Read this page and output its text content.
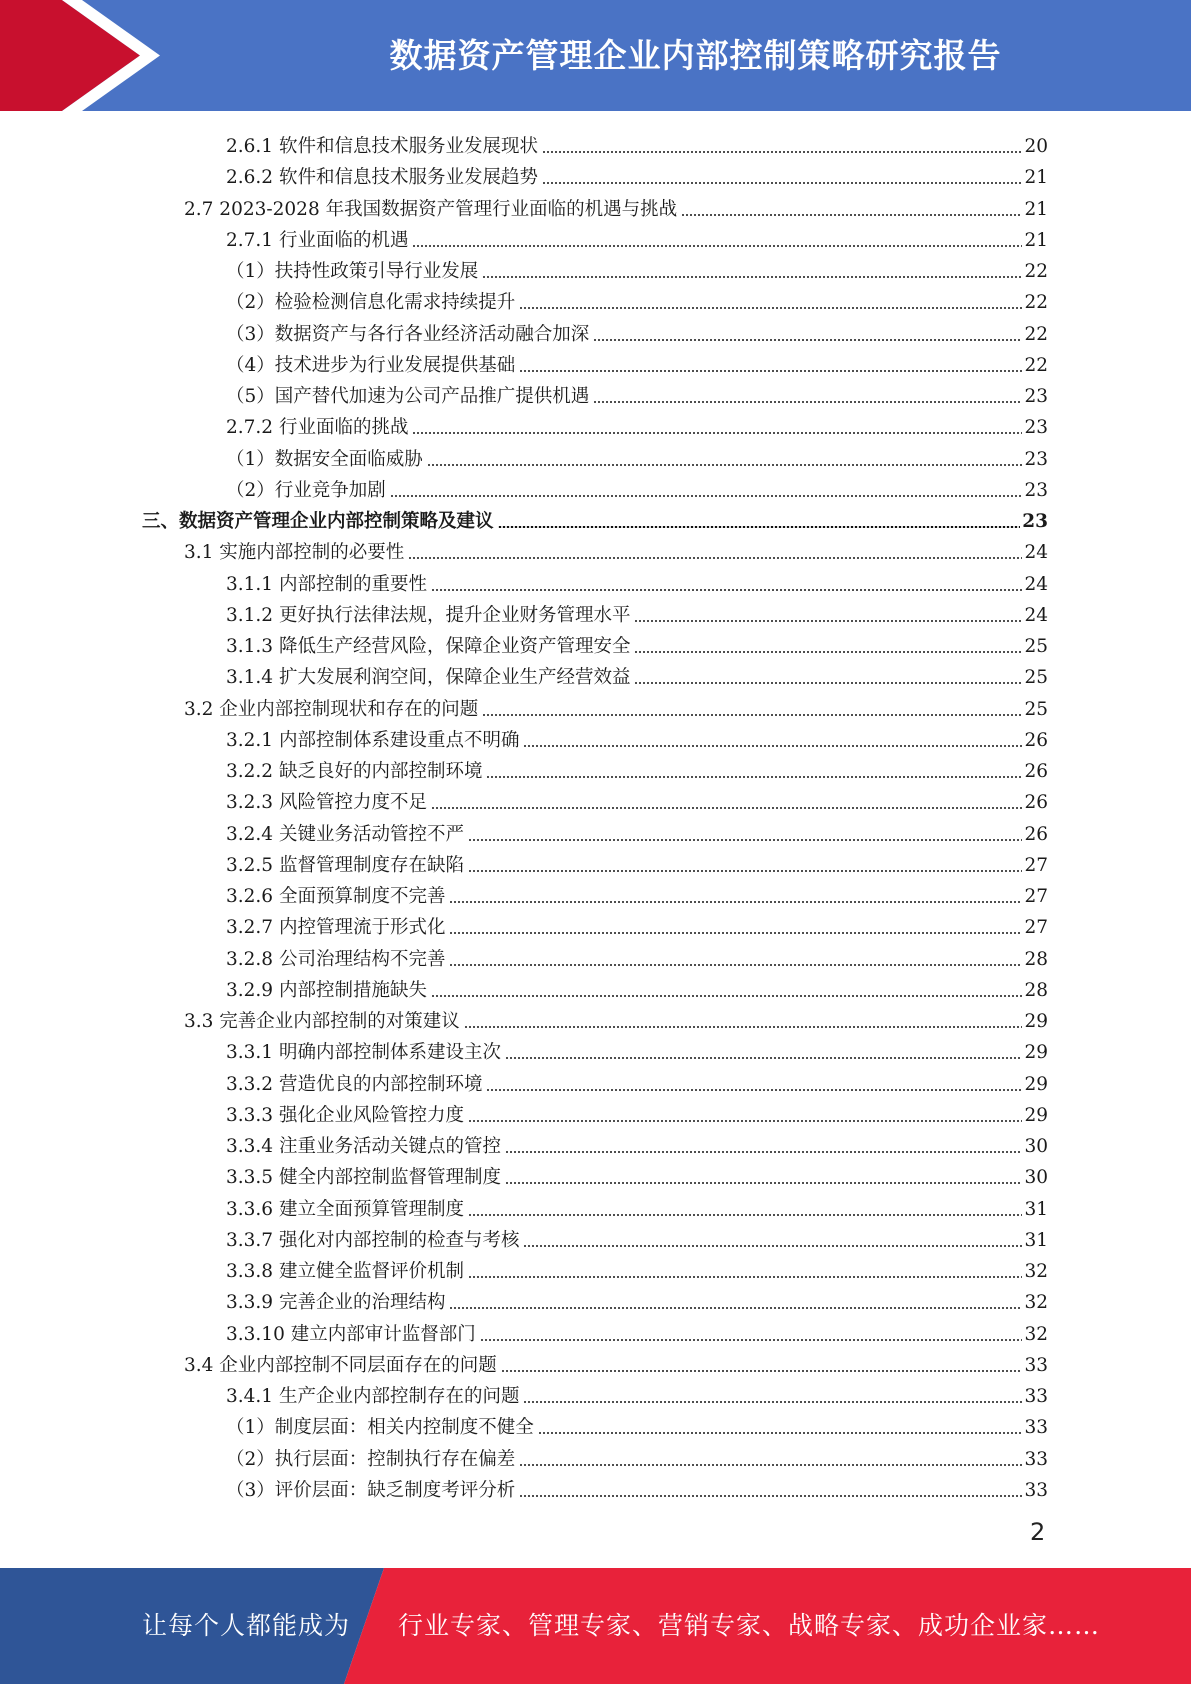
数据资产管理企业内部控制策略研究报告
2.6.1 软件和信息技术服务业发展现状	20
2.6.2 软件和信息技术服务业发展趋势	21
2.7 2023-2028 年我国数据资产管理行业面临的机遇与挑战	21
2.7.1 行业面临的机遇	21
（1）扶持性政策引导行业发展	22
（2）检验检测信息化需求持续提升	22
（3）数据资产与各行各业经济活动融合加深	22
（4）技术进步为行业发展提供基础	22
（5）国产替代加速为公司产品推广提供机遇	23
2.7.2 行业面临的挑战	23
（1）数据安全面临威胁	23
（2）行业竞争加剧	23
三、数据资产管理企业内部控制策略及建议	23
3.1 实施内部控制的必要性	24
3.1.1 内部控制的重要性	24
3.1.2 更好执行法律法规，提升企业财务管理水平	24
3.1.3 降低生产经营风险，保障企业资产管理安全	25
3.1.4 扩大发展利润空间，保障企业生产经营效益	25
3.2 企业内部控制现状和存在的问题	25
3.2.1 内部控制体系建设重点不明确	26
3.2.2 缺乏良好的内部控制环境	26
3.2.3 风险管控力度不足	26
3.2.4 关键业务活动管控不严	26
3.2.5 监督管理制度存在缺陷	27
3.2.6 全面预算制度不完善	27
3.2.7 内控管理流于形式化	27
3.2.8 公司治理结构不完善	28
3.2.9 内部控制措施缺失	28
3.3 完善企业内部控制的对策建议	29
3.3.1 明确内部控制体系建设主次	29
3.3.2 营造优良的内部控制环境	29
3.3.3 强化企业风险管控力度	29
3.3.4 注重业务活动关键点的管控	30
3.3.5 健全内部控制监督管理制度	30
3.3.6 建立全面预算管理制度	31
3.3.7 强化对内部控制的检查与考核	31
3.3.8 建立健全监督评价机制	32
3.3.9 完善企业的治理结构	32
3.3.10 建立内部审计监督部门	32
3.4 企业内部控制不同层面存在的问题	33
3.4.1 生产企业内部控制存在的问题	33
（1）制度层面：相关内控制度不健全	33
（2）执行层面：控制执行存在偏差	33
（3）评价层面：缺乏制度考评分析	33
2
让每个人都能成为 行业专家、管理专家、营销专家、战略专家、成功企业家……
